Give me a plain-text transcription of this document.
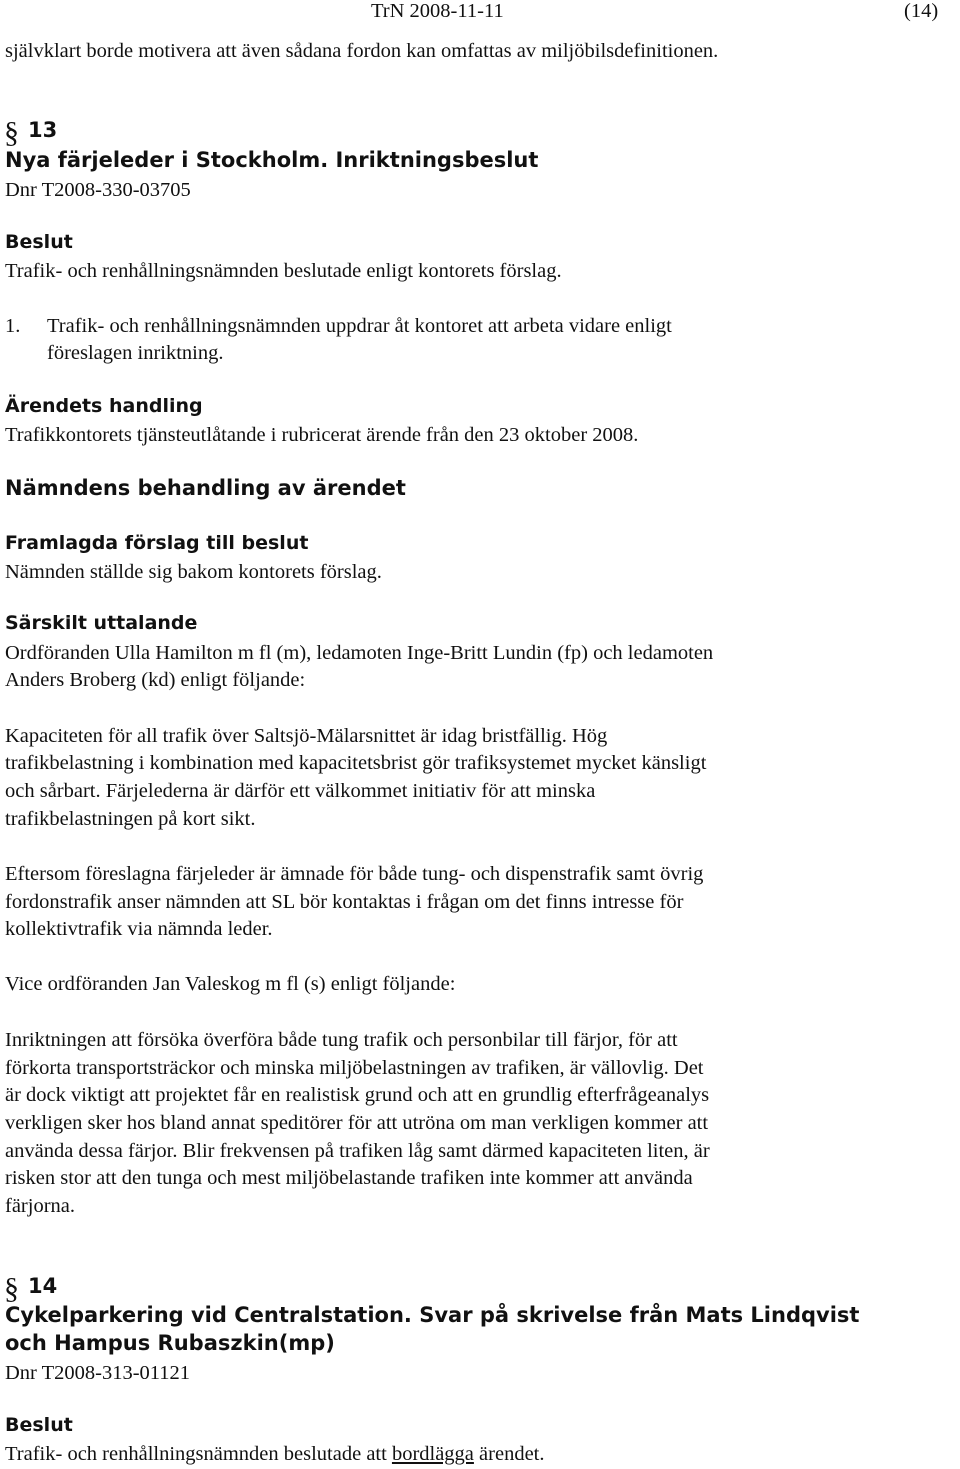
TrN 2008-11-11	(14)
självklart borde motivera att även sådana fordon kan omfattas av miljöbilsdefinitionen.
§ 13
Nya färjeleder i Stockholm. Inriktningsbeslut
Dnr T2008-330-03705
Beslut
Trafik- och renhållningsnämnden beslutade enligt kontorets förslag.
1. Trafik- och renhållningsnämnden uppdrar åt kontoret att arbeta vidare enligt
föreslagen inriktning.
Ärendets handling
Trafikkontorets tjänsteutlåtande i rubricerat ärende från den 23 oktober 2008.
Nämndens behandling av ärendet
Framlagda förslag till beslut
Nämnden ställde sig bakom kontorets förslag.
Särskilt uttalande
Ordföranden Ulla Hamilton m fl (m), ledamoten Inge-Britt Lundin (fp) och ledamoten
Anders Broberg (kd) enligt följande:
Kapaciteten för all trafik över Saltsjö-Mälarsnittet är idag bristfällig. Hög
trafikbelastning i kombination med kapacitetsbrist gör trafiksystemet mycket känsligt
och sårbart. Färjelederna är därför ett välkommet initiativ för att minska
trafikbelastningen på kort sikt.
Eftersom föreslagna färjeleder är ämnade för både tung- och dispenstrafik samt övrig
fordonstrafik anser nämnden att SL bör kontaktas i frågan om det finns intresse för
kollektivtrafik via nämnda leder.
Vice ordföranden Jan Valeskog m fl (s) enligt följande:
Inriktningen att försöka överföra både tung trafik och personbilar till färjor, för att
förkorta transportsträckor och minska miljöbelastningen av trafiken, är vällovlig. Det
är dock viktigt att projektet får en realistisk grund och att en grundlig efterfrågeanalys
verkligen sker hos bland annat speditörer för att utröna om man verkligen kommer att
använda dessa färjor. Blir frekvensen på trafiken låg samt därmed kapaciteten liten, är
risken stor att den tunga och mest miljöbelastande trafiken inte kommer att använda
färjorna.
§ 14
Cykelparkering vid Centralstation. Svar på skrivelse från Mats Lindqvist
och Hampus Rubaszkin(mp)
Dnr T2008-313-01121
Beslut
Trafik- och renhållningsnämnden beslutade att bordlägga ärendet.
